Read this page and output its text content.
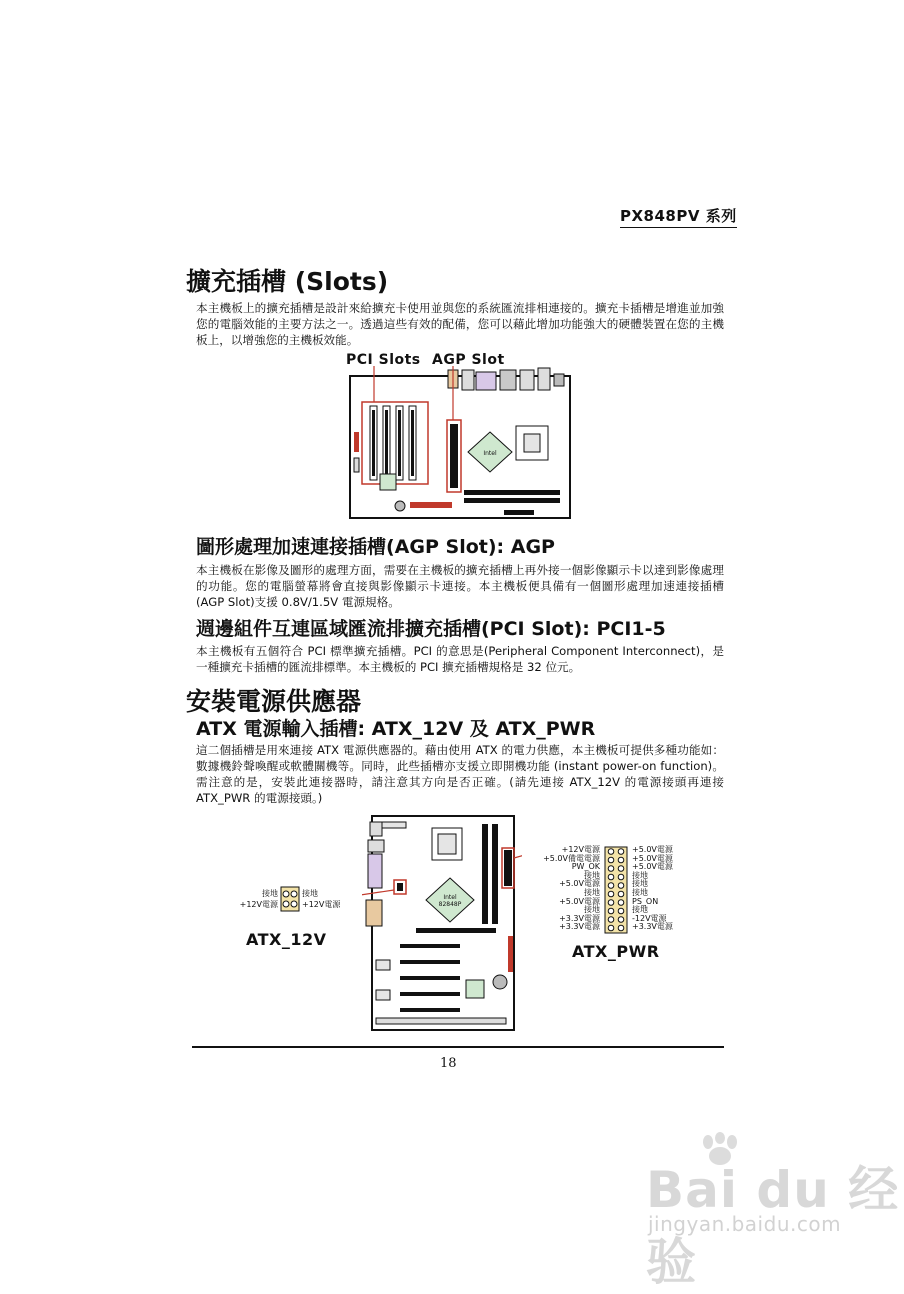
PX848PV 系列
擴充插槽 (Slots)
本主機板上的擴充插槽是設計來給擴充卡使用並與您的系統匯流排相連接的。擴充卡插槽是增進並加強您的電腦效能的主要方法之一。透過這些有效的配備，您可以藉此增加功能強大的硬體裝置在您的主機板上，以增強您的主機板效能。
PCI Slots AGP Slot
Intel
圖形處理加速連接插槽(AGP Slot): AGP
本主機板在影像及圖形的處理方面，需要在主機板的擴充插槽上再外接一個影像顯示卡以達到影像處理的功能。您的電腦螢幕將會直接與影像顯示卡連接。本主機板便具備有一個圖形處理加速連接插槽 (AGP Slot)支援 0.8V/1.5V 電源規格。
週邊組件互連區域匯流排擴充插槽(PCI Slot): PCI1-5
本主機板有五個符合 PCI 標準擴充插槽。PCI 的意思是(Peripheral Component Interconnect)，是一種擴充卡插槽的匯流排標準。本主機板的 PCI 擴充插槽規格是 32 位元。
安裝電源供應器
ATX 電源輸入插槽: ATX_12V 及 ATX_PWR
這二個插槽是用來連接 ATX 電源供應器的。藉由使用 ATX 的電力供應，本主機板可提供多種功能如：數據機鈴聲喚醒或軟體關機等。同時，此些插槽亦支援立即開機功能 (instant power-on function)。需注意的是，安裝此連接器時，請注意其方向是否正確。(請先連接 ATX_12V 的電源接頭再連接 ATX_PWR 的電源接頭。)
接地
+12V電源
接地
+12V電源
ATX_12V
Intel
82848P
+12V電源
+5.0V備電電源
PW_OK
接地
+5.0V電源
接地
+5.0V電源
接地
+3.3V電源
+3.3V電源
+5.0V電源
+5.0V電源
+5.0V電源
接地
接地
接地
PS_ON
接地
-12V電源
+3.3V電源
ATX_PWR
18
Bai du 经验
jingyan.baidu.com
